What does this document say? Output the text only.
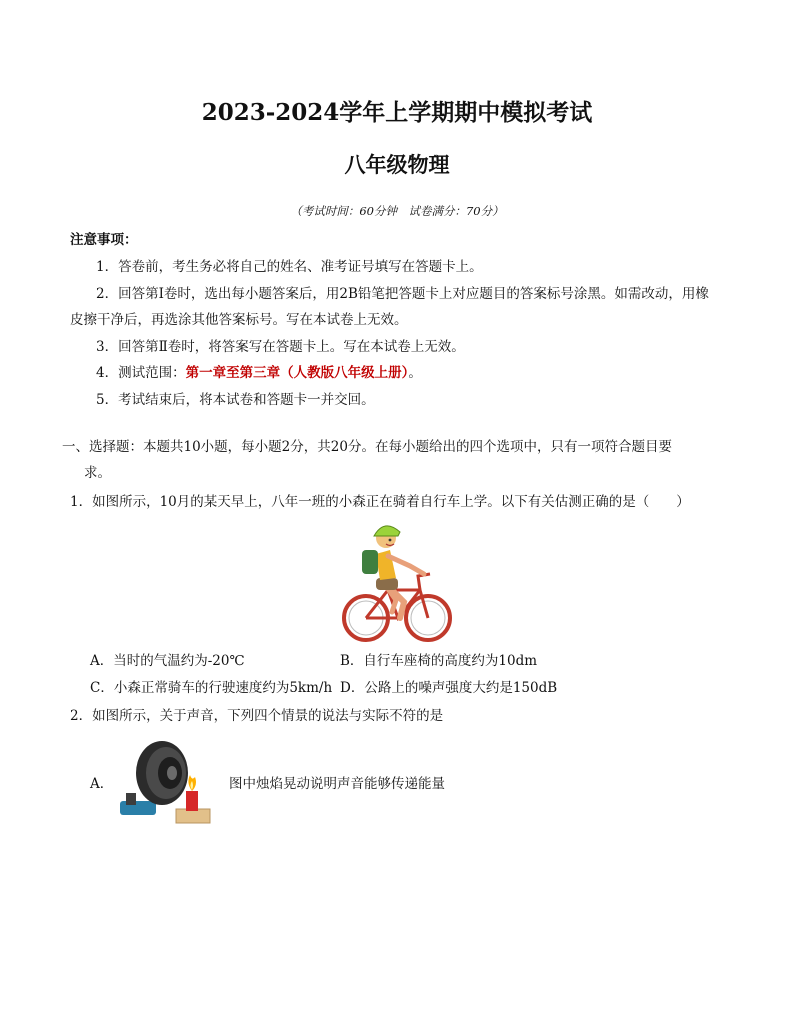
2023-2024学年上学期期中模拟考试
八年级物理
（考试时间：60分钟　试卷满分：70分）
注意事项：
1．答卷前，考生务必将自己的姓名、准考证号填写在答题卡上。
2．回答第Ⅰ卷时，选出每小题答案后，用2B铅笔把答题卡上对应题目的答案标号涂黑。如需改动，用橡
皮擦干净后，再选涂其他答案标号。写在本试卷上无效。
3．回答第Ⅱ卷时，将答案写在答题卡上。写在本试卷上无效。
4．测试范围：第一章至第三章（人教版八年级上册）。
5．考试结束后，将本试卷和答题卡一并交回。
一、选择题：本题共10小题，每小题2分，共20分。在每小题给出的四个选项中，只有一项符合题目要
求。
1．如图所示，10月的某天早上，八年一班的小森正在骑着自行车上学。以下有关估测正确的是（　　）
A．当时的气温约为-20℃	B．自行车座椅的高度约为10dm
C．小森正常骑车的行驶速度约为5km/h D．公路上的噪声强度大约是150dB
2．如图所示，关于声音，下列四个情景的说法与实际不符的是
A．	图中烛焰晃动说明声音能够传递能量
